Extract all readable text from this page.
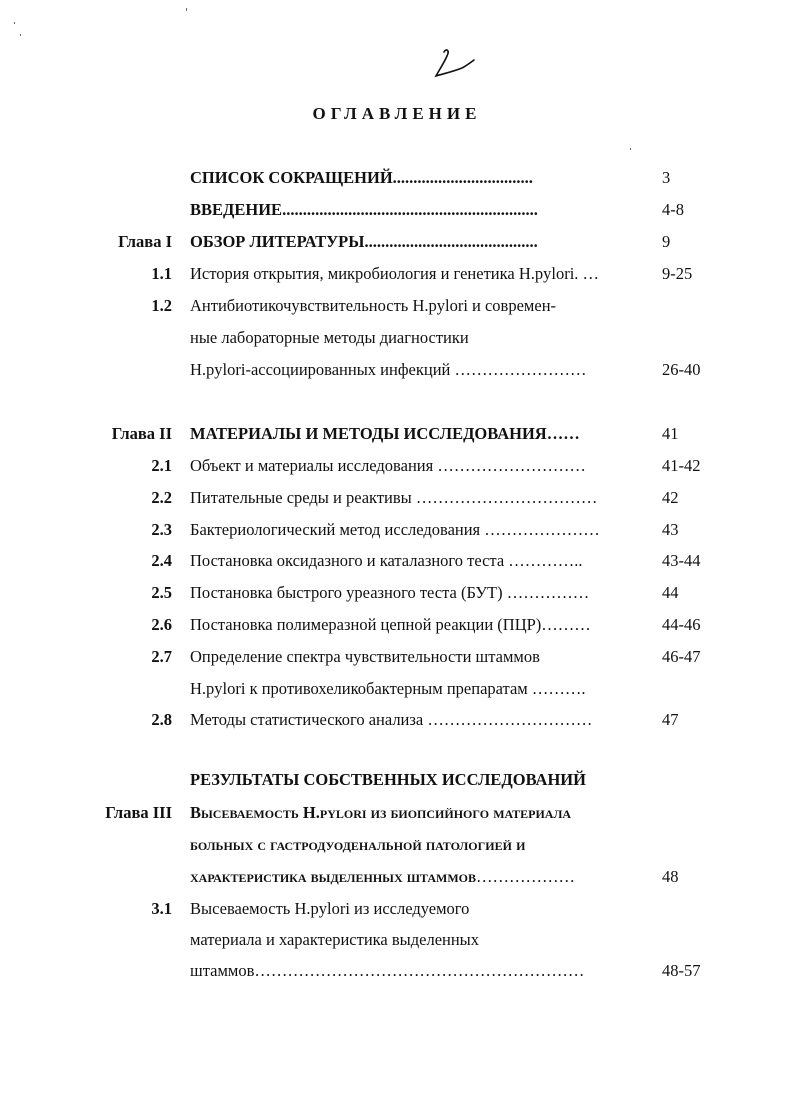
ОГЛАВЛЕНИЕ
СПИСОК СОКРАЩЕНИЙ..................................	3
ВВЕДЕНИЕ..............................................................	4-8
Глава I ОБЗОР ЛИТЕРАТУРЫ..........................................	9
1.1 История открытия, микробиология и генетика H.pylori. …	9-25
1.2 Антибиотикочувствительность H.pylori и современ-
ные лабораторные методы диагностики
H.pylori-ассоциированных инфекций ……………………	26-40
Глава II МАТЕРИАЛЫ И МЕТОДЫ ИССЛЕДОВАНИЯ……	41
2.1 Объект и материалы исследования ………………………	41-42
2.2 Питательные среды и реактивы ……………………………	42
2.3 Бактериологический метод исследования …………………	43
2.4 Постановка оксидазного и каталазного теста …………..	43-44
2.5 Постановка быстрого уреазного теста (БУТ) ……………	44
2.6 Постановка полимеразной цепной реакции (ПЦР)………	44-46
2.7 Определение спектра чувствительности штаммов	46-47
H.pylori к противохеликобактерным препаратам ……….
2.8 Методы статистического анализа …………………………	47
РЕЗУЛЬТАТЫ СОБСТВЕННЫХ ИССЛЕДОВАНИЙ
Глава III Высеваемость H.pylori из биопсийного материала
больных с гастродуоденальной патологией и
характеристика выделенных штаммов………………	48
3.1 Высеваемость H.pylori из исследуемого
материала и характеристика выделенных
штаммов……………………………………………………	48-57
